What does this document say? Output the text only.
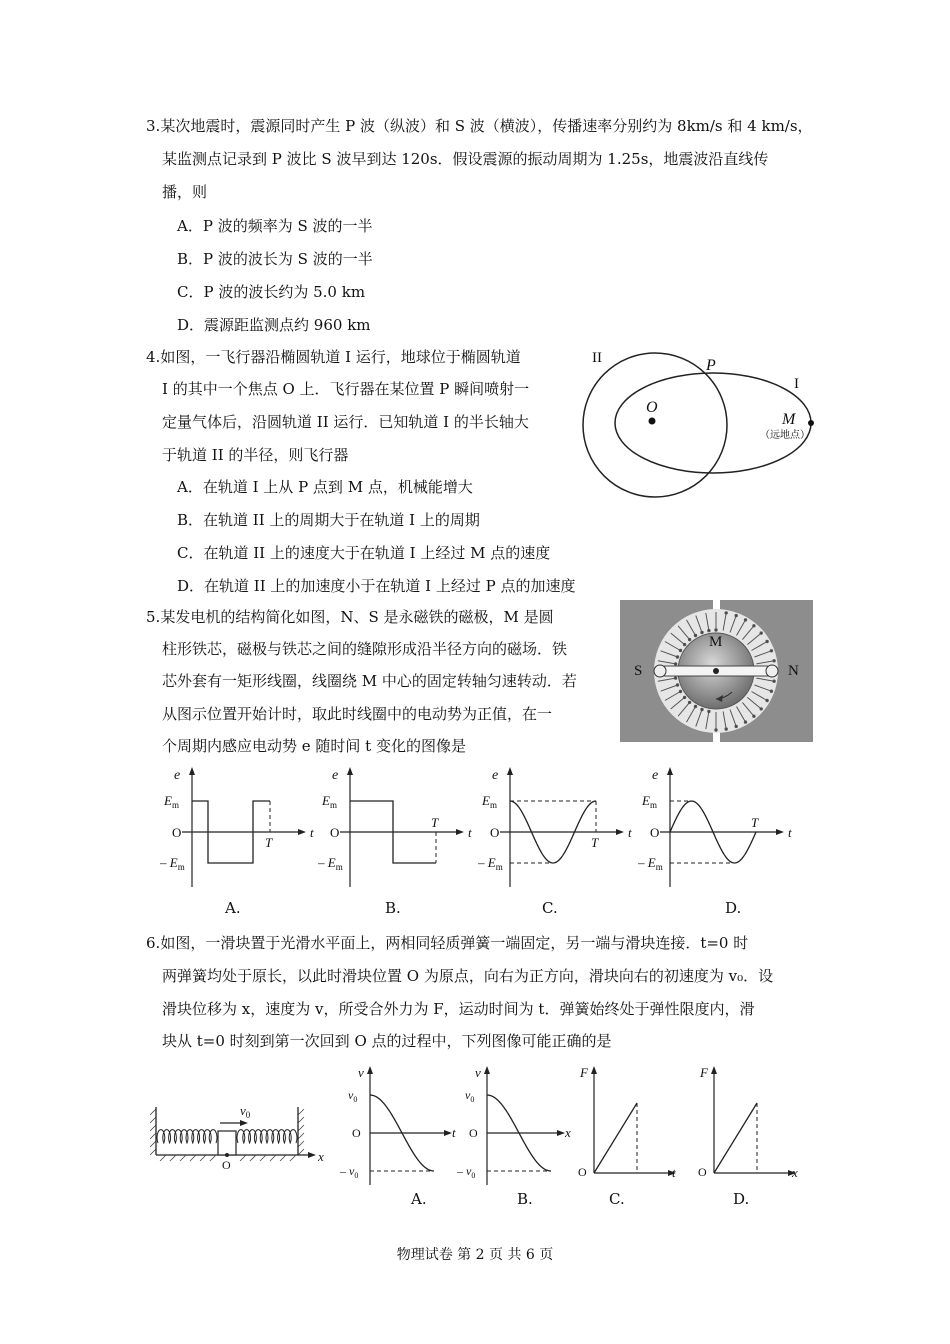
3.某次地震时，震源同时产生 P 波（纵波）和 S 波（横波），传播速率分别约为 8km/s 和 4 km/s，
某监测点记录到 P 波比 S 波早到达 120s．假设震源的振动周期为 1.25s，地震波沿直线传
播，则
A．P 波的频率为 S 波的一半
B．P 波的波长为 S 波的一半
C．P 波的波长约为 5.0 km
D．震源距监测点约 960 km
4.如图，一飞行器沿椭圆轨道 I 运行，地球位于椭圆轨道
I 的其中一个焦点 O 上．飞行器在某位置 P 瞬间喷射一
定量气体后，沿圆轨道 II 运行．已知轨道 I 的半长轴大
于轨道 II 的半径，则飞行器
A．在轨道 I 上从 P 点到 M 点，机械能增大
B．在轨道 II 上的周期大于在轨道 I 上的周期
C．在轨道 II 上的速度大于在轨道 I 上经过 M 点的速度
D．在轨道 II 上的加速度小于在轨道 I 上经过 P 点的加速度
II
I
P
O
M
（远地点）
5.某发电机的结构简化如图，N、S 是永磁铁的磁极，M 是圆
柱形铁芯，磁极与铁芯之间的缝隙形成沿半径方向的磁场．铁
芯外套有一矩形线圈，线圈绕 M 中心的固定转轴匀速转动．若
从图示位置开始计时，取此时线圈中的电动势为正值，在一
个周期内感应电动势 e 随时间 t 变化的图像是
S	N
M
e
$E_m$
O
– $E_m$
t
T
A.
e
$E_m$
O
– $E_m$
t
T
B.
e
$E_m$
O
– $E_m$
t
T
C.
e
$E_m$
O
– $E_m$
t
T
D.
6.如图，一滑块置于光滑水平面上，两相同轻质弹簧一端固定，另一端与滑块连接．t=0 时
两弹簧均处于原长，以此时滑块位置 O 为原点，向右为正方向，滑块向右的初速度为 v₀．设
滑块位移为 x，速度为 v，所受合外力为 F，运动时间为 t．弹簧始终处于弹性限度内，滑
块从 t=0 时刻到第一次回到 O 点的过程中，下列图像可能正确的是
$v_0$
O
x
v
$v_0$
O
– $v_0$
t
A.
v
$v_0$
O
– $v_0$
x
B.
F
O	t
C.
F
O	x
D.
物理试卷 第 2 页 共 6 页
